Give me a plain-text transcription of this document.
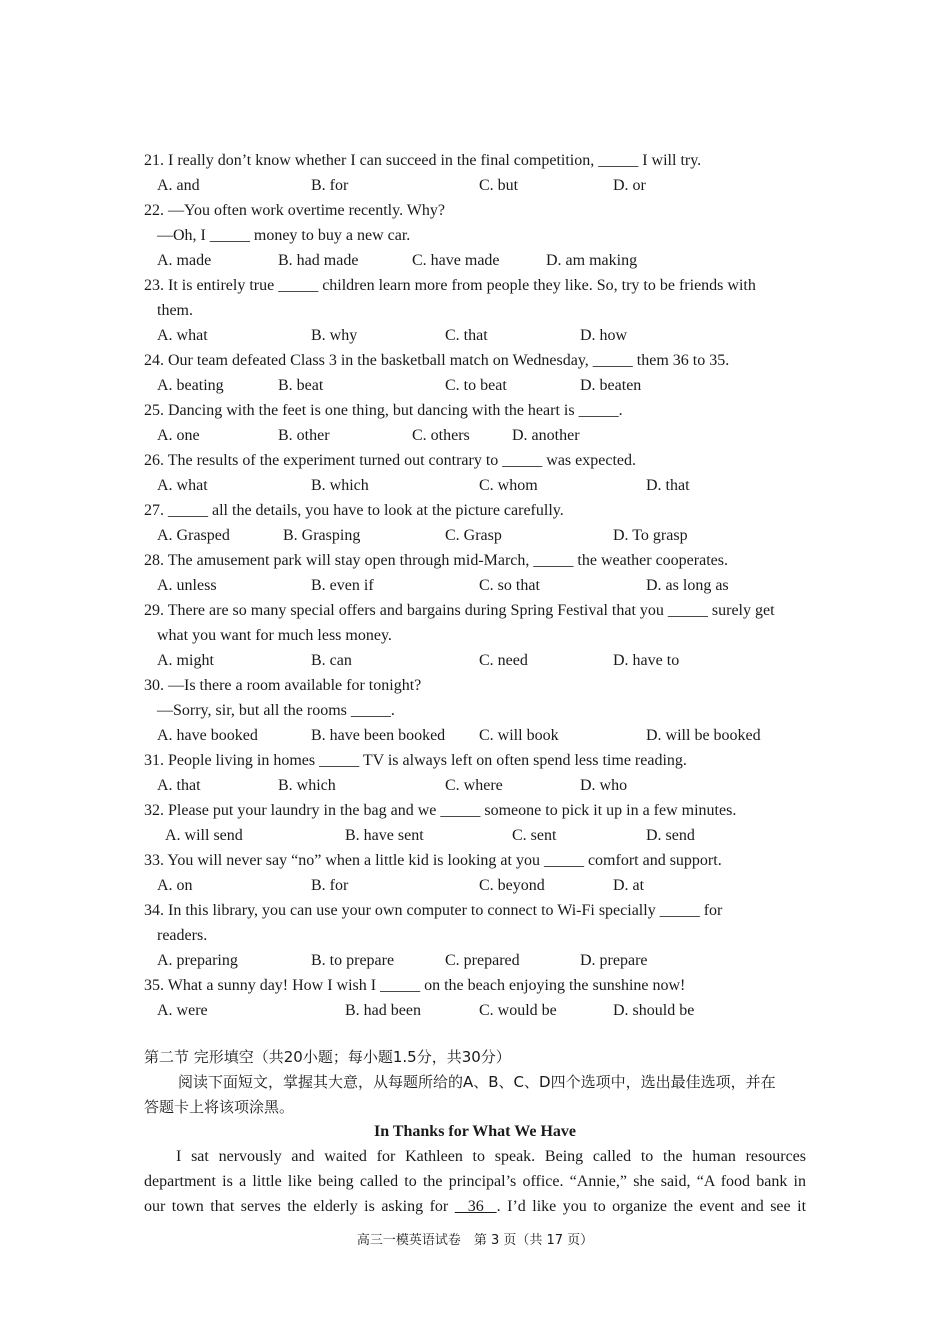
21. I really don’t know whether I can succeed in the final competition, _____ I will try.
A. and	B. for	C. but	D. or
22. —You often work overtime recently. Why?
—Oh, I _____ money to buy a new car.
A. made	B. had made	C. have made	D. am making
23. It is entirely true _____ children learn more from people they like. So, try to be friends with
them.
A. what	B. why	C. that	D. how
24. Our team defeated Class 3 in the basketball match on Wednesday, _____ them 36 to 35.
A. beating	B. beat	C. to beat	D. beaten
25. Dancing with the feet is one thing, but dancing with the heart is _____.
A. one	B. other	C. others	D. another
26. The results of the experiment turned out contrary to _____ was expected.
A. what	B. which	C. whom	D. that
27. _____ all the details, you have to look at the picture carefully.
A. Grasped	B. Grasping	C. Grasp	D. To grasp
28. The amusement park will stay open through mid-March, _____ the weather cooperates.
A. unless	B. even if	C. so that	D. as long as
29. There are so many special offers and bargains during Spring Festival that you _____ surely get
what you want for much less money.
A. might	B. can	C. need	D. have to
30. —Is there a room available for tonight?
—Sorry, sir, but all the rooms _____.
A. have booked	B. have been booked C. will book	D. will be booked
31. People living in homes _____ TV is always left on often spend less time reading.
A. that	B. which	C. where	D. who
32. Please put your laundry in the bag and we _____ someone to pick it up in a few minutes.
A. will send	B. have sent	C. sent	D. send
33. You will never say “no” when a little kid is looking at you _____ comfort and support.
A. on	B. for	C. beyond	D. at
34. In this library, you can use your own computer to connect to Wi-Fi specially _____ for
readers.
A. preparing	B. to prepare	C. prepared	D. prepare
35. What a sunny day! How I wish I _____ on the beach enjoying the sunshine now!
A. were	B. had been	C. would be	D. should be
第二节 完形填空（共20小题；每小题1.5分，共30分）
阅读下面短文，掌握其大意，从每题所给的A、B、C、D四个选项中，选出最佳选项，并在
答题卡上将该项涂黑。
In Thanks for What We Have
I sat nervously and waited for Kathleen to speak. Being called to the human resources
department is a little like being called to the principal’s office. “Annie,” she said, “A food bank in
our town that serves the elderly is asking for   36  . I’d like you to organize the event and see it
高三一模英语试卷　第 3 页（共 17 页）
